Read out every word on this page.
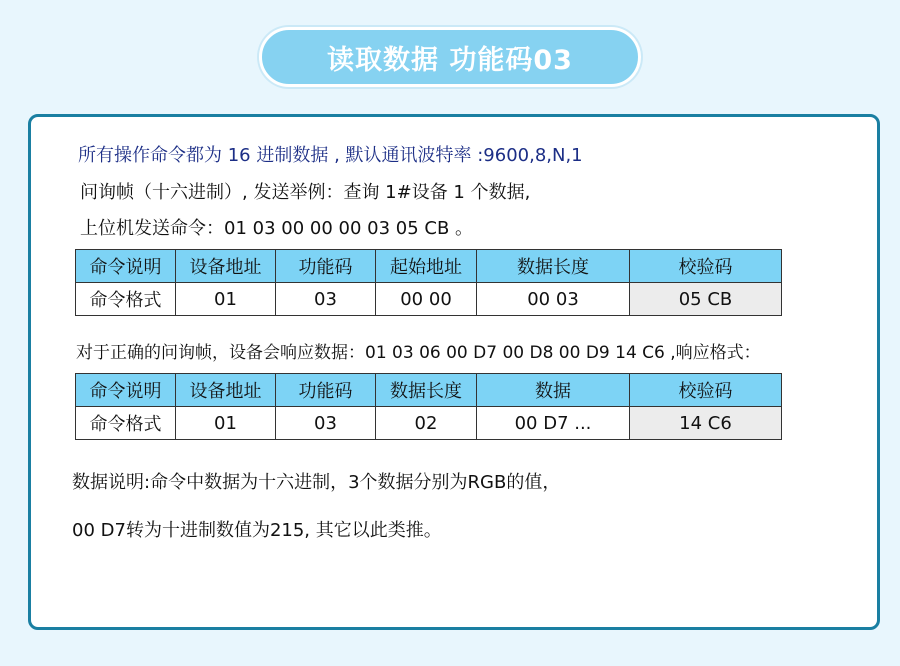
读取数据 功能码03
所有操作命令都为 16 进制数据 , 默认通讯波特率 :9600,8,N,1
问询帧（十六进制）, 发送举例：查询 1#设备 1 个数据,
上位机发送命令：01 03 00 00 00 03 05 CB 。
命令说明	设备地址	功能码	起始地址	数据长度	校验码
命令格式	01	03	00 00	00 03	05 CB
对于正确的问询帧，设备会响应数据：01 03 06 00 D7 00 D8 00 D9 14 C6 ,响应格式：
命令说明	设备地址	功能码	数据长度	数据	校验码
命令格式	01	03	02	00 D7 ...	14 C6
数据说明:命令中数据为十六进制，3个数据分别为RGB的值，
00 D7转为十进制数值为215, 其它以此类推。
